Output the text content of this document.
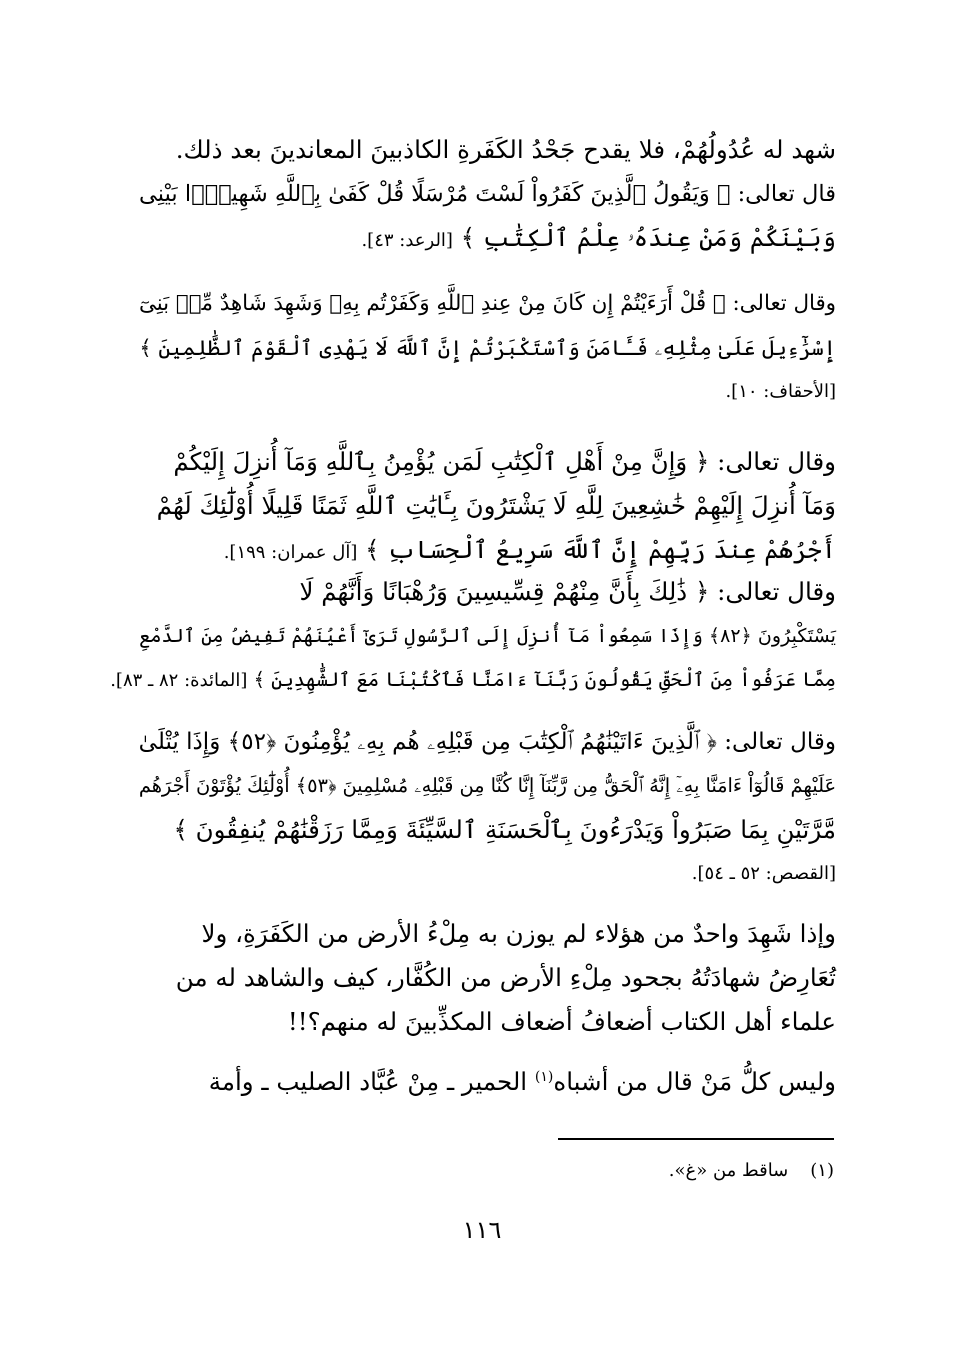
شهد له عُدُولُهُمْ، فلا يقدح جَحْدُ الكَفَرةِ الكاذبينَ المعاندينَ بعد ذلك.
قال تعالى: ﴿ وَيَقُولُ ٱلَّذِينَ كَفَرُواْ لَسْتَ مُرْسَلًا قُلْ كَفَىٰ بِٱللَّهِ شَهِيدًۢا بَيْنِى
وَبَيْنَكُمْ وَمَنْ عِندَهُۥ عِلْمُ ٱلْكِتَٰبِ ﴾ [الرعد: ٤٣].
وقال تعالى: ﴿ قُلْ أَرَءَيْتُمْ إِن كَانَ مِنْ عِندِ ٱللَّهِ وَكَفَرْتُم بِهِۦ وَشَهِدَ شَاهِدٌ مِّنۢ بَنِىٓ
إِسْرَٰٓءِيلَ عَلَىٰ مِثْلِهِۦ فَـَٔامَنَ وَٱسْتَكْبَرْتُمْ إِنَّ ٱللَّهَ لَا يَهْدِى ٱلْقَوْمَ ٱلظَّٰلِمِينَ ﴾
[الأحقاف: ١٠].
وقال تعالى: ﴿ وَإِنَّ مِنْ أَهْلِ ٱلْكِتَٰبِ لَمَن يُؤْمِنُ بِٱللَّهِ وَمَآ أُنزِلَ إِلَيْكُمْ
وَمَآ أُنزِلَ إِلَيْهِمْ خَٰشِعِينَ لِلَّهِ لَا يَشْتَرُونَ بِـَٔايَٰتِ ٱللَّهِ ثَمَنًا قَلِيلًا أُوْلَٰٓئِكَ لَهُمْ
أَجْرُهُمْ عِندَ رَبِّهِمْ إِنَّ ٱللَّهَ سَرِيعُ ٱلْحِسَابِ ﴾ [آل عمران: ١٩٩].
وقال تعالى: ﴿ ذَٰلِكَ بِأَنَّ مِنْهُمْ قِسِّيسِينَ وَرُهْبَانًا وَأَنَّهُمْ لَا
يَسْتَكْبِرُونَ ﴿٨٢﴾ وَإِذَا سَمِعُواْ مَآ أُنزِلَ إِلَى ٱلرَّسُولِ تَرَىٰٓ أَعْيُنَهُمْ تَفِيضُ مِنَ ٱلدَّمْعِ
مِمَّا عَرَفُواْ مِنَ ٱلْحَقِّ يَقُولُونَ رَبَّنَآ ءَامَنَّا فَٱكْتُبْنَا مَعَ ٱلشَّٰهِدِينَ ﴾ [المائدة: ٨٢ ـ ٨٣].
وقال تعالى: ﴿ ٱلَّذِينَ ءَاتَيْنَٰهُمُ ٱلْكِتَٰبَ مِن قَبْلِهِۦ هُم بِهِۦ يُؤْمِنُونَ ﴿٥٢﴾ وَإِذَا يُتْلَىٰ
عَلَيْهِمْ قَالُوٓاْ ءَامَنَّا بِهِۦٓ إِنَّهُ ٱلْحَقُّ مِن رَّبِّنَآ إِنَّا كُنَّا مِن قَبْلِهِۦ مُسْلِمِينَ ﴿٥٣﴾ أُوْلَٰٓئِكَ يُؤْتَوْنَ أَجْرَهُم
مَّرَّتَيْنِ بِمَا صَبَرُواْ وَيَدْرَءُونَ بِٱلْحَسَنَةِ ٱلسَّيِّئَةَ وَمِمَّا رَزَقْنَٰهُمْ يُنفِقُونَ ﴾
[القصص: ٥٢ ـ ٥٤].
وإذا شَهِدَ واحدٌ من هؤلاء لم يوزن به مِلْءُ الأرض من الكَفَرَةِ، ولا
تُعَارِضُ شهادَتُهُ بجحود مِلْءِ الأرض من الكُفَّار، كيف والشاهد له من
علماء أهل الكتاب أضعافُ أضعاف المكذِّبينَ له منهم؟!!
وليس كلُّ مَنْ قال من أشباه$^{(١)}$ الحمير ـ مِنْ عُبَّاد الصليب ـ وأمة
(١)ساقط من «غ».
١١٦
